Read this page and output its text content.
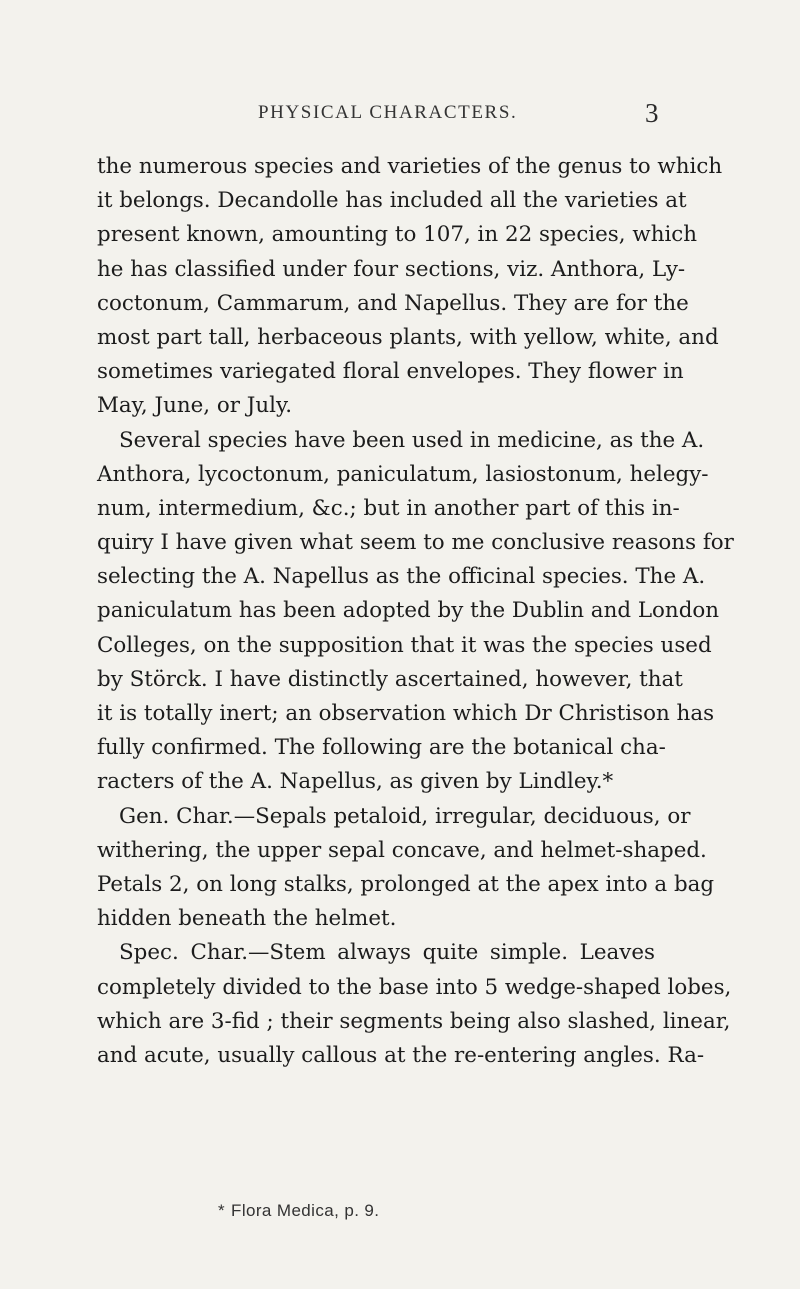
PHYSICAL CHARACTERS.	3
the numerous species and varieties of the genus to which
it belongs. Decandolle has included all the varieties at
present known, amounting to 107, in 22 species, which
he has classified under four sections, viz. Anthora, Ly-
coctonum, Cammarum, and Napellus. They are for the
most part tall, herbaceous plants, with yellow, white, and
sometimes variegated floral envelopes. They flower in
May, June, or July.
Several species have been used in medicine, as the A.
Anthora, lycoctonum, paniculatum, lasiostonum, helegy-
num, intermedium, &c.; but in another part of this in-
quiry I have given what seem to me conclusive reasons for
selecting the A. Napellus as the officinal species. The A.
paniculatum has been adopted by the Dublin and London
Colleges, on the supposition that it was the species used
by Störck. I have distinctly ascertained, however, that
it is totally inert; an observation which Dr Christison has
fully confirmed. The following are the botanical cha-
racters of the A. Napellus, as given by Lindley.*
Gen. Char.—Sepals petaloid, irregular, deciduous, or
withering, the upper sepal concave, and helmet-shaped.
Petals 2, on long stalks, prolonged at the apex into a bag
hidden beneath the helmet.
Spec. Char.—Stem always quite simple. Leaves
completely divided to the base into 5 wedge-shaped lobes,
which are 3-fid ; their segments being also slashed, linear,
and acute, usually callous at the re-entering angles. Ra-
* Flora Medica, p. 9.
